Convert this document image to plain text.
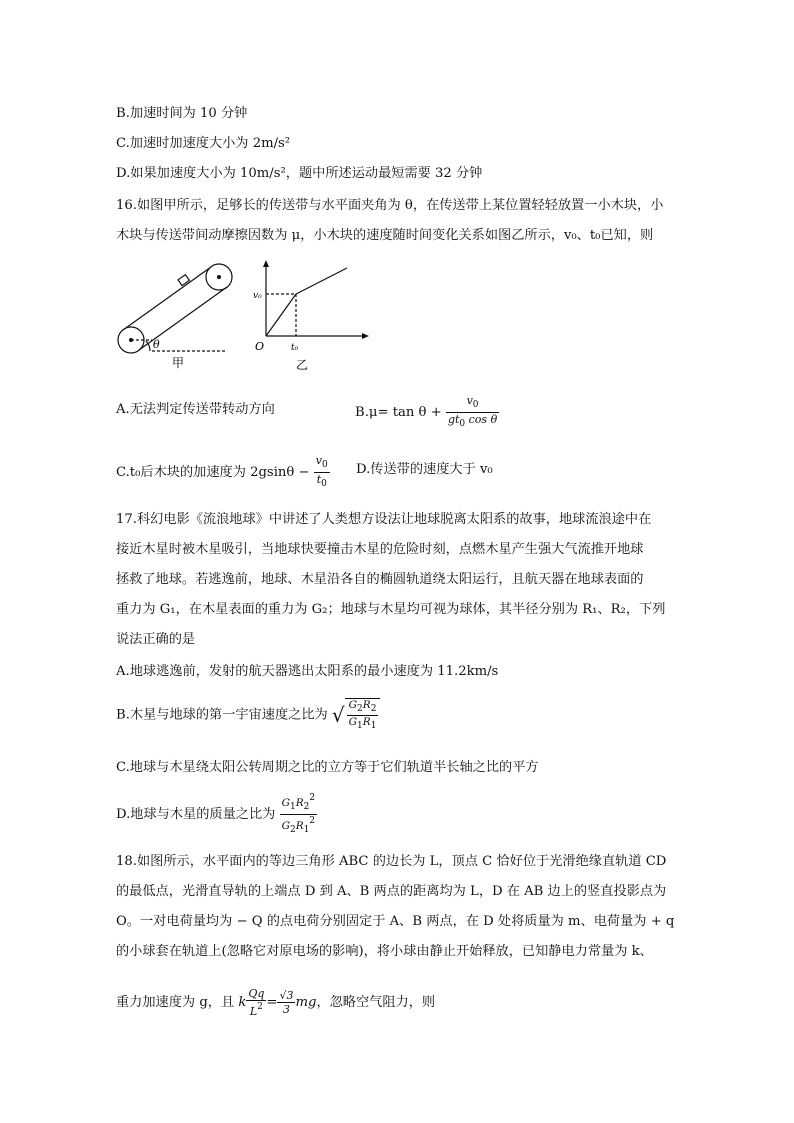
B.加速时间为 10 分钟
C.加速时加速度大小为 2m/s²
D.如果加速度大小为 10m/s²，题中所述运动最短需要 32 分钟
16.如图甲所示，足够长的传送带与水平面夹角为 θ，在传送带上某位置轻轻放置一小木块，小
木块与传送带间动摩擦因数为 μ，小木块的速度随时间变化关系如图乙所示，v₀、t₀已知，则
θ
甲
v₀
t₀
O
乙
A.无法判定传送带转动方向	$B.\mu= \tan \theta + \frac{v_0}{gt_0 \cos \theta}$
C.t₀后木块的加速度为 $2gsin\theta - \frac{v_0}{t_0} D$.传送带的速度大于 v₀
17.科幻电影《流浪地球》中讲述了人类想方设法让地球脱离太阳系的故事，地球流浪途中在
接近木星时被木星吸引，当地球快要撞击木星的危险时刻，点燃木星产生强大气流推开地球
拯救了地球。若逃逸前，地球、木星沿各自的椭圆轨道绕太阳运行，且航天器在地球表面的
重力为 G₁，在木星表面的重力为 G₂；地球与木星均可视为球体，其半径分别为 R₁、R₂，下列
说法正确的是
A.地球逃逸前，发射的航天器逃出太阳系的最小速度为 11.2km/s
B.木星与地球的第一宇宙速度之比为 √ $\frac{G2R2}{G1R1}$
C.地球与木星绕太阳公转周期之比的立方等于它们轨道半长轴之比的平方
D.地球与木星的质量之比为 $\frac{G1R22}{G2R12}$
18.如图所示，水平面内的等边三角形 ABC 的边长为 L，顶点 C 恰好位于光滑绝缘直轨道 CD
的最低点，光滑直导轨的上端点 D 到 A、B 两点的距离均为 L，D 在 AB 边上的竖直投影点为
O。一对电荷量均为 − Q 的点电荷分别固定于 A、B 两点，在 D 处将质量为 m、电荷量为 + q
的小球套在轨道上(忽略它对原电场的影响)，将小球由静止开始释放，已知静电力常量为 k、
重力加速度为 g，且 k $\frac{Qq}{L^2} = \frac{√3}{3}$ mg，忽略空气阻力，则
